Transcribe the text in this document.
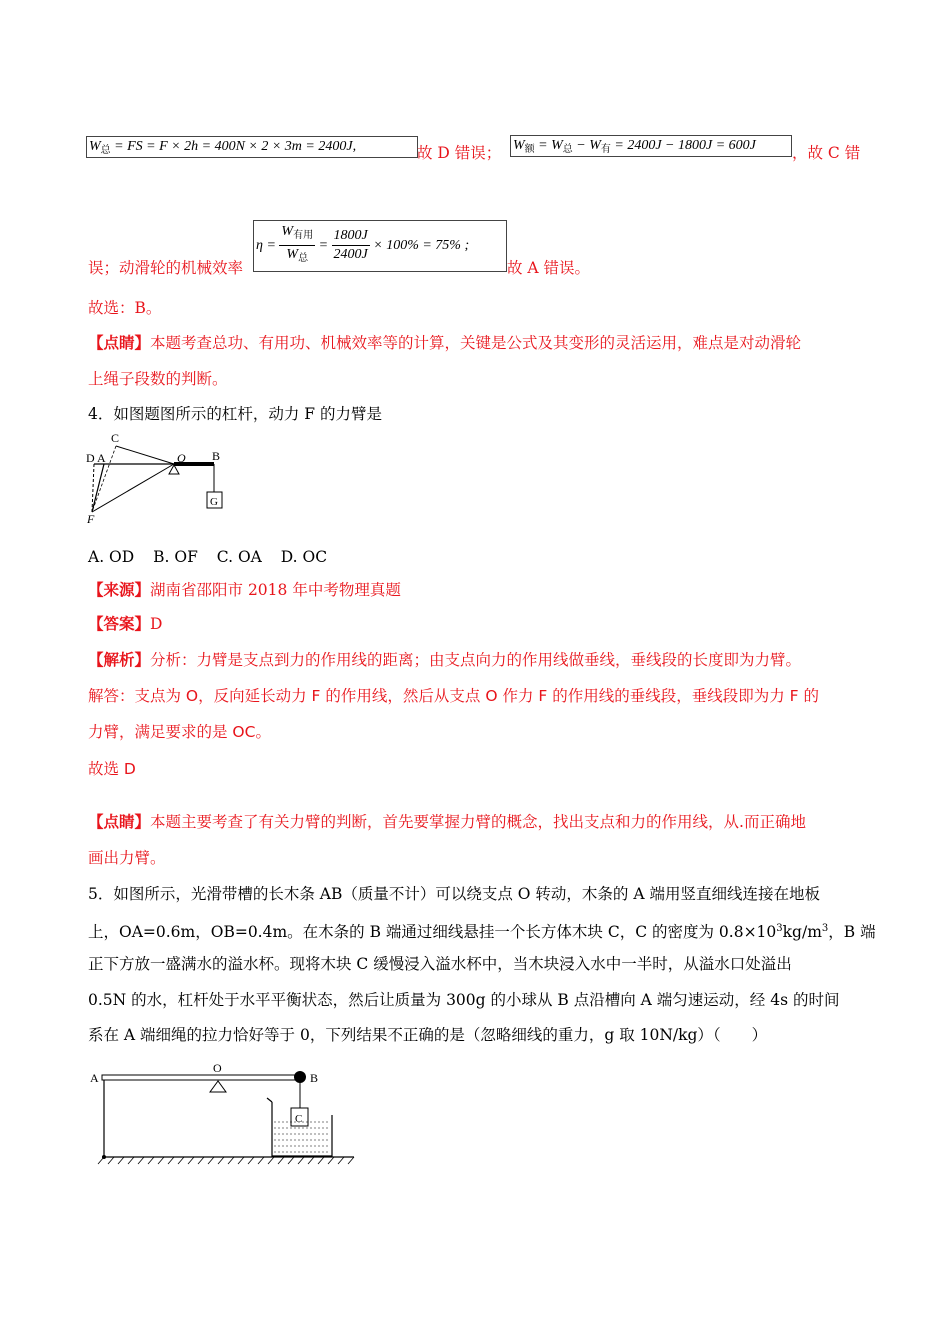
$W_总$ = FS = F × 2h = 400N × 2 × 3m = 2400J,	故 D 错误； $W_额 = W_总 - W_有 = 2400J - 1800J = 600J$	，故 C 错
误；动滑轮的机械效率
$\eta = \frac{W_{有用}}{W_总} = \frac{1800J}{2400J} \times 100\% = 75\%$ ;
故 A 错误。
故选：B。
【点睛】本题考查总功、有用功、机械效率等的计算，关键是公式及其变形的灵活运用，难点是对动滑轮
上绳子段数的判断。
4．如图题图所示的杠杆，动力 F 的力臂是
C
D A	O B
G
F
A. OD B. OF C. OA D. OC
【来源】湖南省邵阳市 2018 年中考物理真题
【答案】D
【解析】分析：力臂是支点到力的作用线的距离；由支点向力的作用线做垂线，垂线段的长度即为力臂。
解答：支点为 O，反向延长动力 F 的作用线，然后从支点 O 作力 F 的作用线的垂线段，垂线段即为力 F 的
力臂，满足要求的是 OC。
故选 D
【点睛】本题主要考查了有关力臂的判断，首先要掌握力臂的概念，找出支点和力的作用线，从.而正确地
画出力臂。
5．如图所示，光滑带槽的长木条 AB（质量不计）可以绕支点 O 转动，木条的 A 端用竖直细线连接在地板
上，OA=0.6m，OB=0.4m。在木条的 B 端通过细线悬挂一个长方体木块 C，C 的密度为 $0.8\times 10^3kg/m^3$，B 端
正下方放一盛满水的溢水杯。现将木块 C 缓慢浸入溢水杯中，当木块浸入水中一半时，从溢水口处溢出
0.5N 的水，杠杆处于水平平衡状态，然后让质量为 300g 的小球从 B 点沿槽向 A 端匀速运动，经 4s 的时间
系在 A 端细绳的拉力恰好等于 0，下列结果不正确的是（忽略细线的重力，g 取 10N/kg）（　　）
A
O
B
C
